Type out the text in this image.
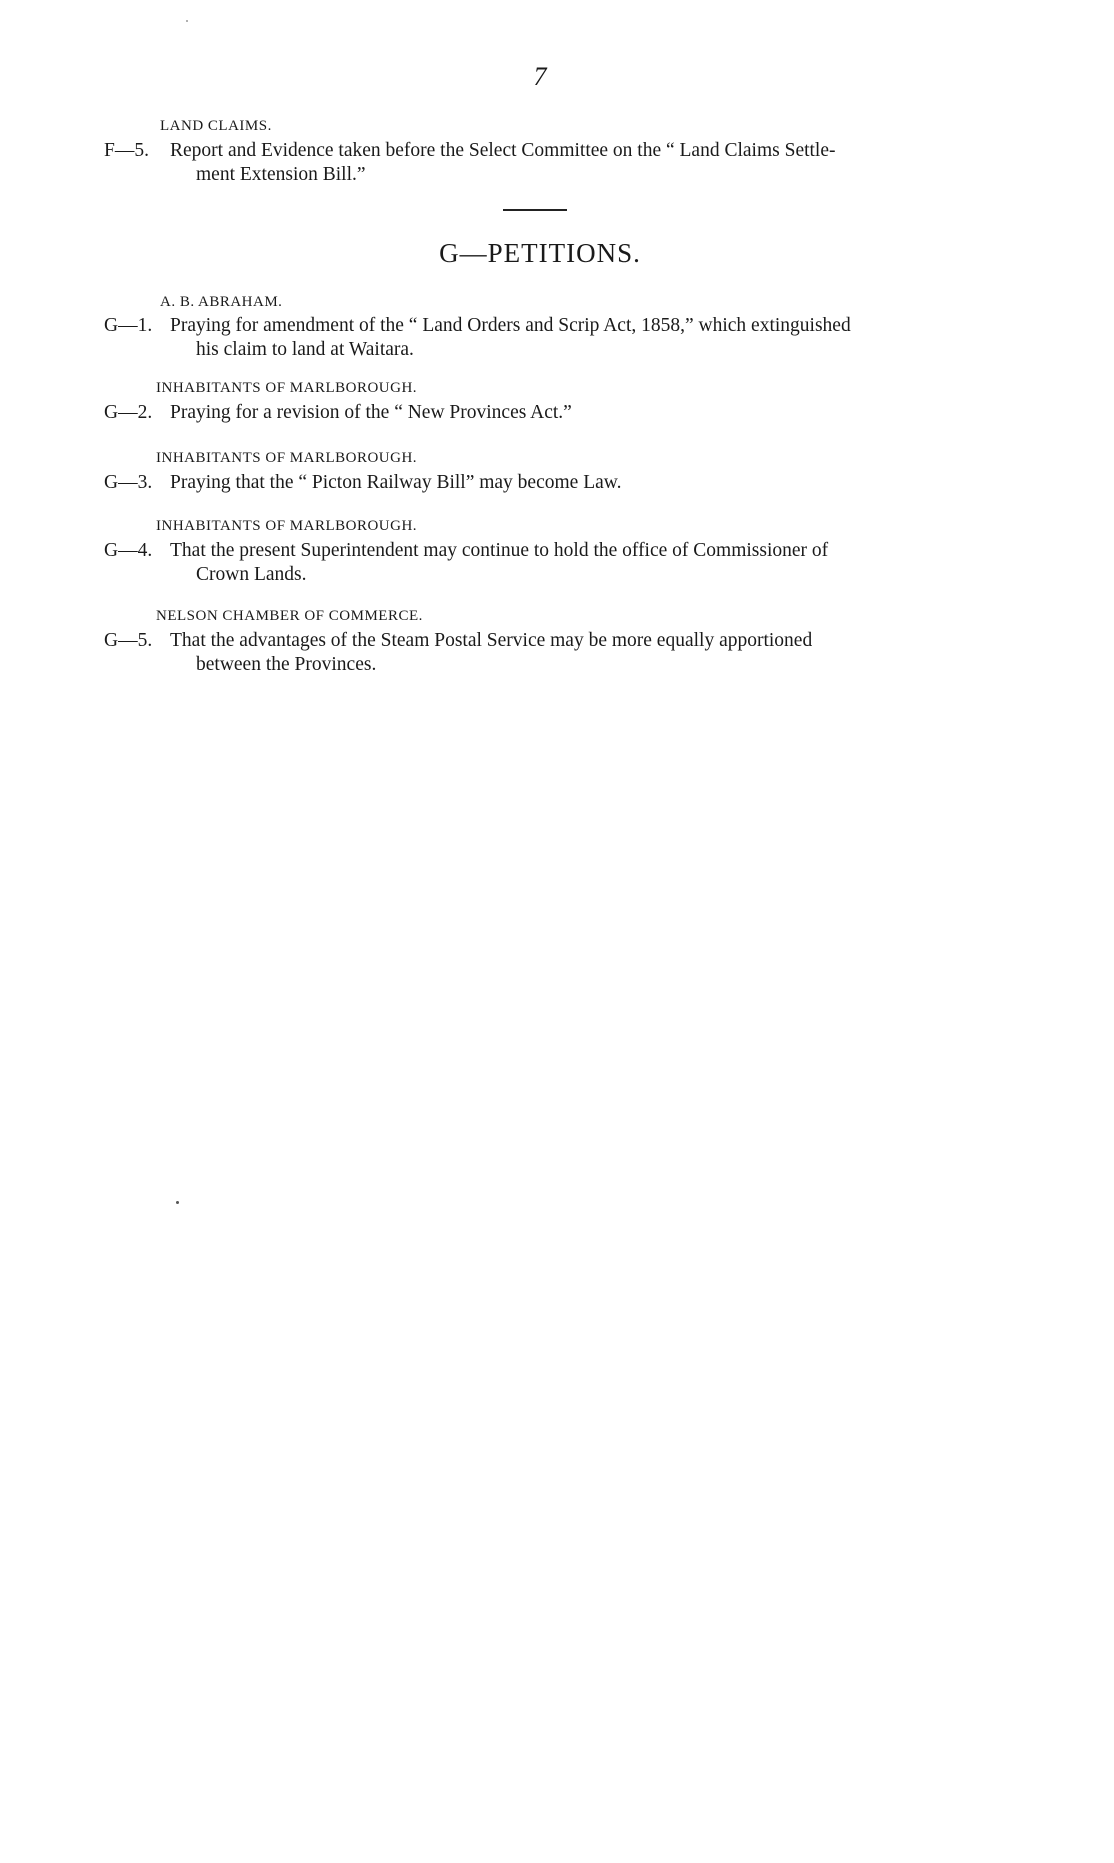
7
LAND CLAIMS.
F—5. Report and Evidence taken before the Select Committee on the “ Land Claims Settle-
ment Extension Bill.”
G—PETITIONS.
A. B. ABRAHAM.
G—1. Praying for amendment of the “ Land Orders and Scrip Act, 1858,” which extinguished
his claim to land at Waitara.
INHABITANTS OF MARLBOROUGH.
G—2. Praying for a revision of the “ New Provinces Act.”
INHABITANTS OF MARLBOROUGH.
G—3. Praying that the “ Picton Railway Bill” may become Law.
INHABITANTS OF MARLBOROUGH.
G—4. That the present Superintendent may continue to hold the office of Commissioner of
Crown Lands.
NELSON CHAMBER OF COMMERCE.
G—5. That the advantages of the Steam Postal Service may be more equally apportioned
between the Provinces.
